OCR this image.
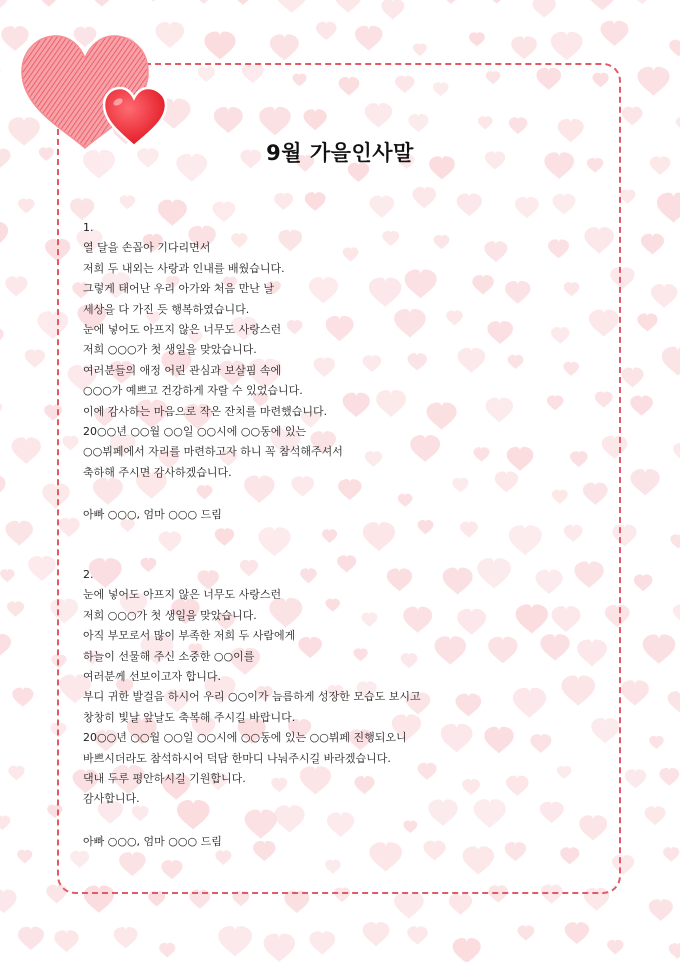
9월 가을인사말

1.

열 달을 손꼽아 기다리면서

저희 두 내외는 사랑과 인내를 배웠습니다.

그렇게 태어난 우리 아가와 처음 만난 날

세상을 다 가진 듯 행복하였습니다.

눈에 넣어도 아프지 않은 너무도 사랑스런

저희 ○○○가 첫 생일을 맞았습니다.

여러분들의 애정 어린 관심과 보살핌 속에

○○○가 예쁘고 건강하게 자랄 수 있었습니다.

이에 감사하는 마음으로 작은 잔치를 마련했습니다.

20○○년 ○○월 ○○일 ○○시에 ○○동에 있는

○○뷔페에서 자리를 마련하고자 하니 꼭 참석해주셔서

축하해 주시면 감사하겠습니다.

아빠 ○○○, 엄마 ○○○ 드림

2.

눈에 넣어도 아프지 않은 너무도 사랑스런

저희 ○○○가 첫 생일을 맞았습니다.

아직 부모로서 많이 부족한 저희 두 사람에게

하늘이 선물해 주신 소중한 ○○이를

여러분께 선보이고자 합니다.

부디 귀한 발걸음 하시어 우리 ○○이가 늠름하게 성장한 모습도 보시고

창창히 빛날 앞날도 축복해 주시길 바랍니다.

20○○년 ○○월 ○○일 ○○시에 ○○동에 있는 ○○뷔페 진행되오니

바쁘시더라도 참석하시어 덕담 한마디 나눠주시길 바라겠습니다.

댁내 두루 평안하시길 기원합니다.

감사합니다.

아빠 ○○○, 엄마 ○○○ 드림
